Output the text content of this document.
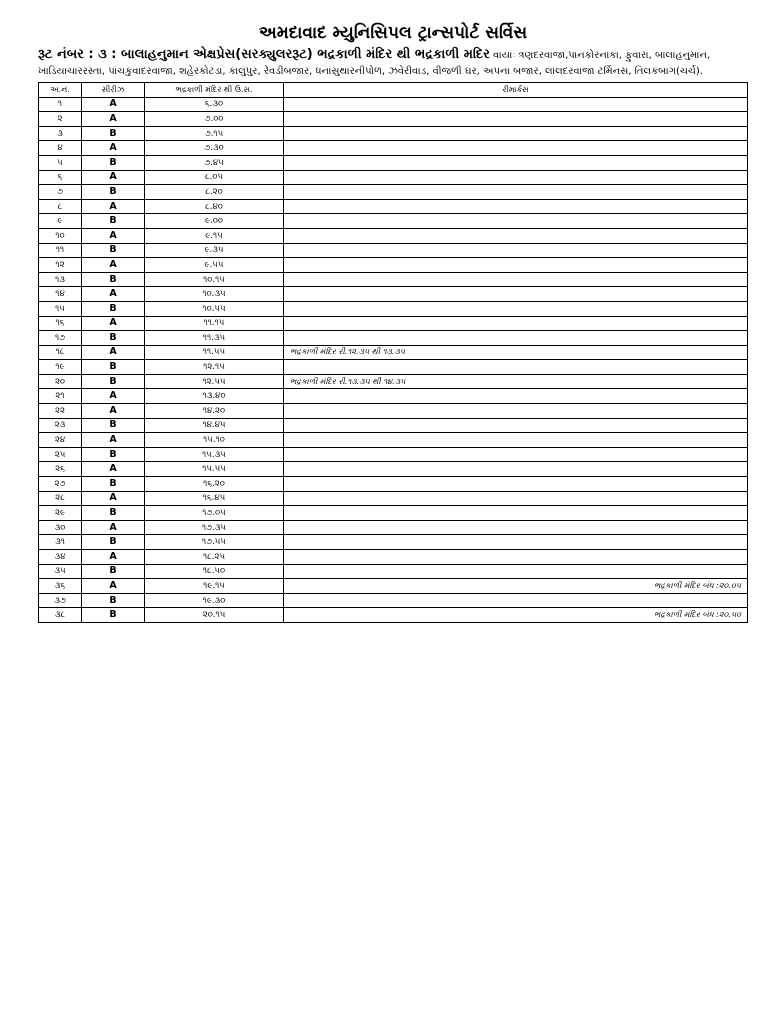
અમદાવાદ મ્યુનિસિપલ ટ્રાન્સપોર્ટ સર્વિસ
રૂટ નંબર : ૩ : બાલાહનુમાન એક્ષપ્રેસ(સરક્યુલરરૂટ) ભદ્રકાળી મંદિર થી ભદ્રકાળી મદિર વાયાઃ ત્રણદરવાજા,પાનકોરનાકા, ફુવારા, બાલાહનુમાન, ખાડિયાચારરસ્તા, પાંચકુવાદરવાજા, શહેરકોટડા, કાલુપુર, રેવડીબજાર, ધનાસુથારનીપોળ, ઝવેરીવાડ, વીજળી ઘર, અપના બજાર, લાલદરવાજા ટર્મિનસ, તિલકબાગ(ચર્ચ).
અ.નં.	સીરીઝ	ભદ્રકાળી મંદિર થી ઉ.સ.	રીમાર્કસ
૧	A	૬.૩૦	
૨	A	૭.૦૦	
૩	B	૭.૧૫	
૪	A	૭.૩૦	
૫	B	૭.૪૫	
૬	A	૮.૦૫	
૭	B	૮.૨૦	
૮	A	૮.૪૦	
૯	B	૯.૦૦	
૧૦	A	૯.૧૫	
૧૧	B	૯.૩૫	
૧૨	A	૯.૫૫	
૧૩	B	૧૦.૧૫	
૧૪	A	૧૦.૩૫	
૧૫	B	૧૦.૫૫	
૧૬	A	૧૧.૧૫	
૧૭	B	૧૧.૩૫	
૧૮	A	૧૧.૫૫	ભદ્રકાળી મંદિર રી.૧૨.૩૫ થી ૧૩.૩૫
૧૯	B	૧૨.૧૫	
૨૦	B	૧૨.૫૫	ભદ્રકાળી મંદિર રી.૧૩.૩૫ થી ૧૪.૩૫
૨૧	A	૧૩.૪૦	
૨૨	A	૧૪.૨૦	
૨૩	B	૧૪.૪૫	
૨૪	A	૧૫.૧૦	
૨૫	B	૧૫.૩૫	
૨૬	A	૧૫.૫૫	
૨૭	B	૧૬.૨૦	
૨૮	A	૧૬.૪૫	
૨૯	B	૧૭.૦૫	
૩૦	A	૧૭.૩૫	
૩૧	B	૧૭.૫૫	
૩૪	A	૧૮.૨૫	
૩૫	B	૧૮.૫૦	
૩૬	A	૧૯.૧૫	ભદ્રકાળી મંદિર બંધ :૨૦.૦૫
૩૭	B	૧૯.૩૦	
૩૮	B	૨૦.૧૫	ભદ્રકાળી મંદિર બંધ :૨૦.૫૦
